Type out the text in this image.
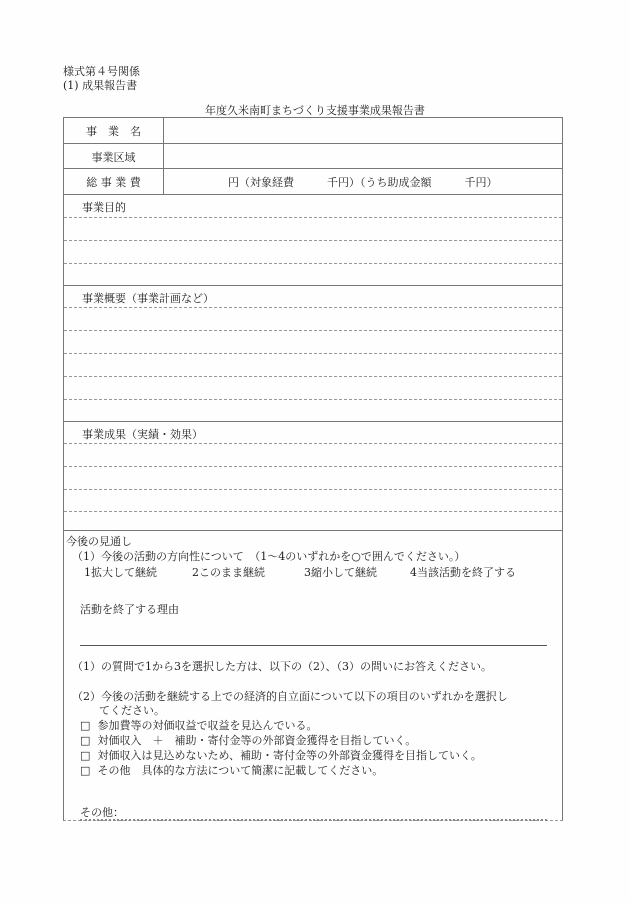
様式第４号関係
(1) 成果報告書
年度久米南町まちづくり支援事業成果報告書
事　業　名
事業区域
総 事 業 費	円（対象経費　　　千円）（うち助成金額　　　千円）
事業目的
事業概要（事業計画など）
事業成果（実績・効果）
今後の見通し
（1）今後の活動の方向性について　（1～4のいずれかを○で囲んでください。）
1拡大して継続	2このまま継続	3縮小して継続	4当該活動を終了する
活動を終了する理由
（1）の質問で1から3を選択した方は、以下の（2）、（3）の問いにお答えください。
（2）今後の活動を継続する上での経済的自立面について以下の項目のいずれかを選択し
てください。
□ 参加費等の対価収益で収益を見込んでいる。
□ 対価収入　＋　補助・寄付金等の外部資金獲得を目指していく。
□ 対価収入は見込めないため、補助・寄付金等の外部資金獲得を目指していく。
□ その他　具体的な方法について簡潔に記載してください。
その他：
